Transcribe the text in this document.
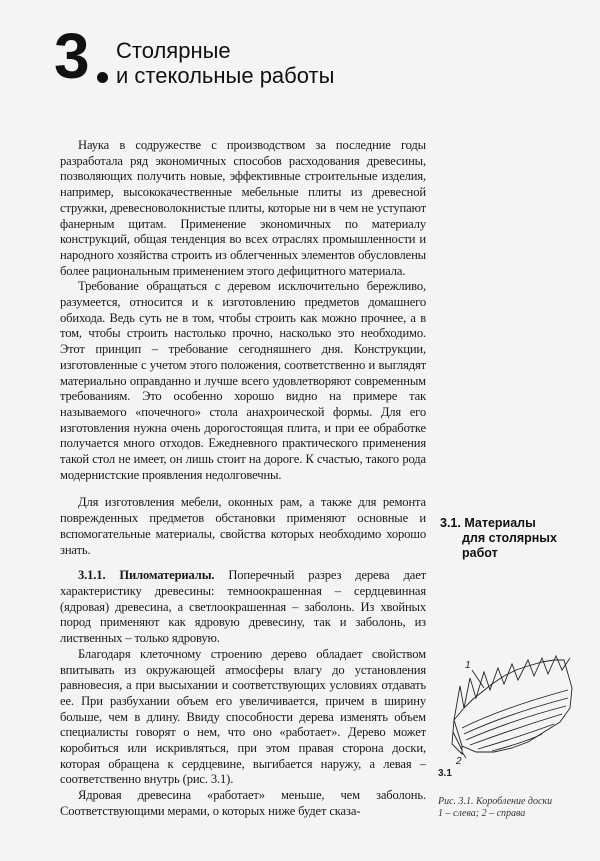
3 Столярные
и стекольные работы

Наука в содружестве с производством за последние годы разработала ряд экономичных способов расходования древесины, позволяющих получить новые, эффективные строительные изделия, например, высококачественные мебельные плиты из древесной стружки, древесноволокнистые плиты, которые ни в чем не уступают фанерным щитам. Применение экономичных по материалу конструкций, общая тенденция во всех отраслях промышленности и народного хозяйства строить из облегченных элементов обусловлены более рациональным применением этого дефицитного материала.

Требование обращаться с деревом исключительно бережливо, разумеется, относится и к изготовлению предметов домашнего обихода. Ведь суть не в том, чтобы строить как можно прочнее, а в том, чтобы строить настолько прочно, насколько это необходимо. Этот принцип – требование сегодняшнего дня. Конструкции, изготовленные с учетом этого положения, соответственно и выглядят материально оправданно и лучше всего удовлетворяют современным требованиям. Это особенно хорошо видно на примере так называемого «почечного» стола анахроической формы. Для его изготовления нужна очень дорогостоящая плита, и при ее обработке получается много отходов. Ежедневного практического применения такой стол не имеет, он лишь стоит на дороге. К счастью, такого рода модернистские проявления недолговечны.

Для изготовления мебели, оконных рам, а также для ремонта поврежденных предметов обстановки применяют основные и вспомогательные материалы, свойства которых необходимо хорошо знать.

3.1.1. Пиломатериалы. Поперечный разрез дерева дает характеристику древесины: темноокрашенная – сердцевинная (ядровая) древесина, а светлоокрашенная – заболонь. Из хвойных пород применяют как ядровую древесину, так и заболонь, из лиственных – только ядровую.

Благодаря клеточному строению дерево обладает свойством впитывать из окружающей атмосферы влагу до установления равновесия, а при высыхании и соответствующих условиях отдавать ее. При разбухании объем его увеличивается, причем в ширину больше, чем в длину. Ввиду способности дерева изменять объем специалисты говорят о нем, что оно «работает». Дерево может коробиться или искривляться, при этом правая сторона доски, которая обращена к сердцевине, выгибается наружу, а левая – соответственно внутрь (рис. 3.1).

Ядровая древесина «работает» меньше, чем заболонь. Соответствующими мерами, о которых ниже будет сказа-

3.1. Материалы
для столярных
работ
1
2
3.1
Рис. 3.1. Коробление доски
1 – слева; 2 – справа
